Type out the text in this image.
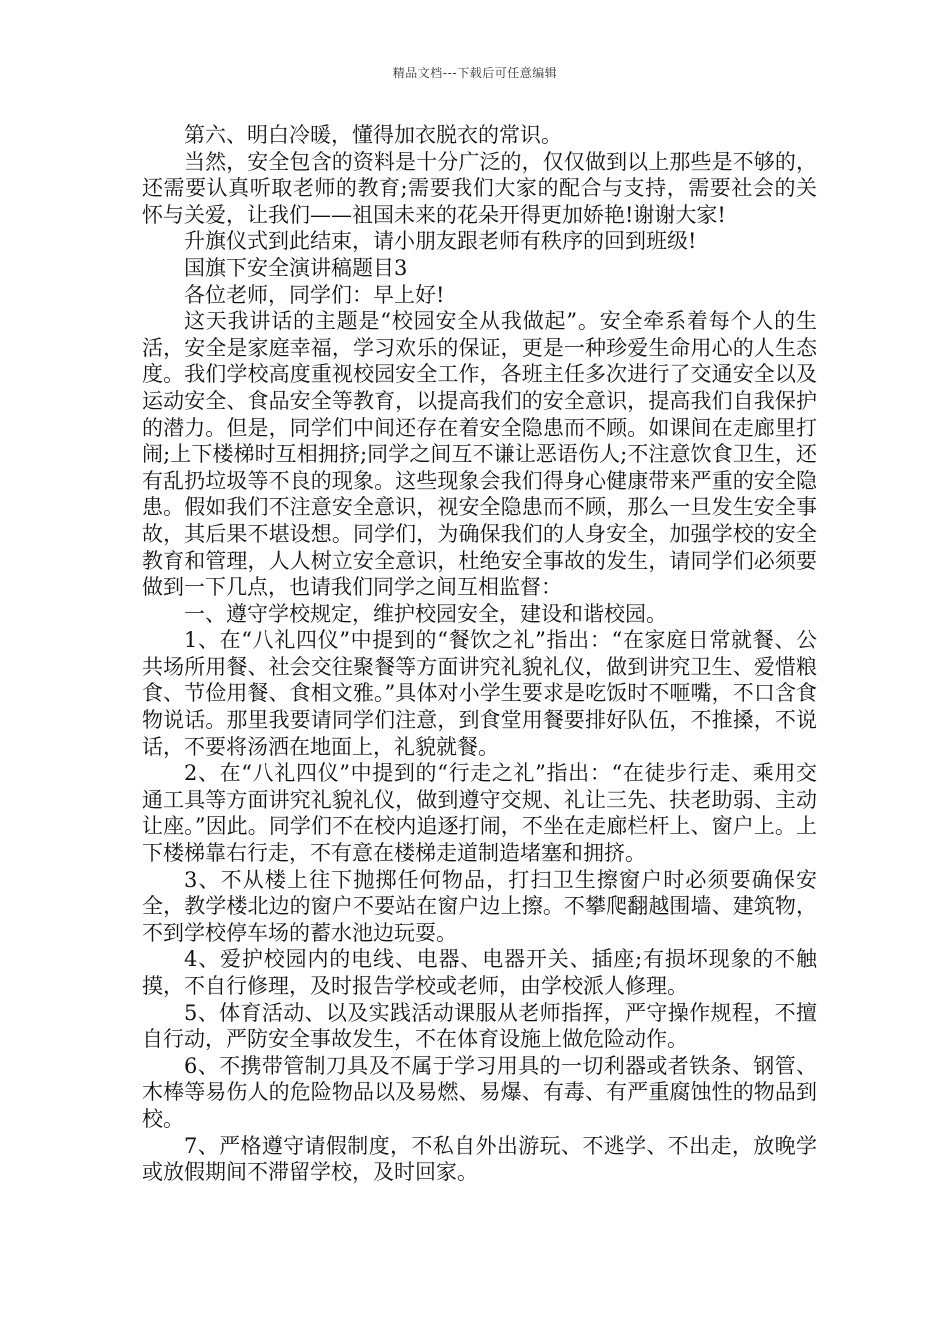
精品文档---下载后可任意编辑

第六、明白冷暖，懂得加衣脱衣的常识。

当然，安全包含的资料是十分广泛的，仅仅做到以上那些是不够的，还需要认真听取老师的教育;需要我们大家的配合与支持，需要社会的关怀与关爱，让我们——祖国未来的花朵开得更加娇艳!谢谢大家!

升旗仪式到此结束，请小朋友跟老师有秩序的回到班级!

国旗下安全演讲稿题目3

各位老师，同学们：早上好!

这天我讲话的主题是“校园安全从我做起”。安全牵系着每个人的生活，安全是家庭幸福，学习欢乐的保证，更是一种珍爱生命用心的人生态度。我们学校高度重视校园安全工作，各班主任多次进行了交通安全以及运动安全、食品安全等教育，以提高我们的安全意识，提高我们自我保护的潜力。但是，同学们中间还存在着安全隐患而不顾。如课间在走廊里打闹;上下楼梯时互相拥挤;同学之间互不谦让恶语伤人;不注意饮食卫生，还有乱扔垃圾等不良的现象。这些现象会我们得身心健康带来严重的安全隐患。假如我们不注意安全意识，视安全隐患而不顾，那么一旦发生安全事故，其后果不堪设想。同学们，为确保我们的人身安全，加强学校的安全教育和管理，人人树立安全意识，杜绝安全事故的发生，请同学们必须要做到一下几点，也请我们同学之间互相监督：

一、遵守学校规定，维护校园安全，建设和谐校园。

1、在“八礼四仪”中提到的“餐饮之礼”指出：“在家庭日常就餐、公共场所用餐、社会交往聚餐等方面讲究礼貌礼仪，做到讲究卫生、爱惜粮食、节俭用餐、食相文雅。”具体对小学生要求是吃饭时不咂嘴，不口含食物说话。那里我要请同学们注意，到食堂用餐要排好队伍，不推搡，不说话，不要将汤洒在地面上，礼貌就餐。

2、在“八礼四仪”中提到的“行走之礼”指出：“在徒步行走、乘用交通工具等方面讲究礼貌礼仪，做到遵守交规、礼让三先、扶老助弱、主动让座。”因此。同学们不在校内追逐打闹，不坐在走廊栏杆上、窗户上。上下楼梯靠右行走，不有意在楼梯走道制造堵塞和拥挤。

3、不从楼上往下抛掷任何物品，打扫卫生擦窗户时必须要确保安全，教学楼北边的窗户不要站在窗户边上擦。不攀爬翻越围墙、建筑物，不到学校停车场的蓄水池边玩耍。

4、爱护校园内的电线、电器、电器开关、插座;有损坏现象的不触摸，不自行修理，及时报告学校或老师，由学校派人修理。

5、体育活动、以及实践活动课服从老师指挥，严守操作规程，不擅自行动，严防安全事故发生，不在体育设施上做危险动作。

6、不携带管制刀具及不属于学习用具的一切利器或者铁条、钢管、木棒等易伤人的危险物品以及易燃、易爆、有毒、有严重腐蚀性的物品到校。

7、严格遵守请假制度，不私自外出游玩、不逃学、不出走，放晚学或放假期间不滞留学校，及时回家。
